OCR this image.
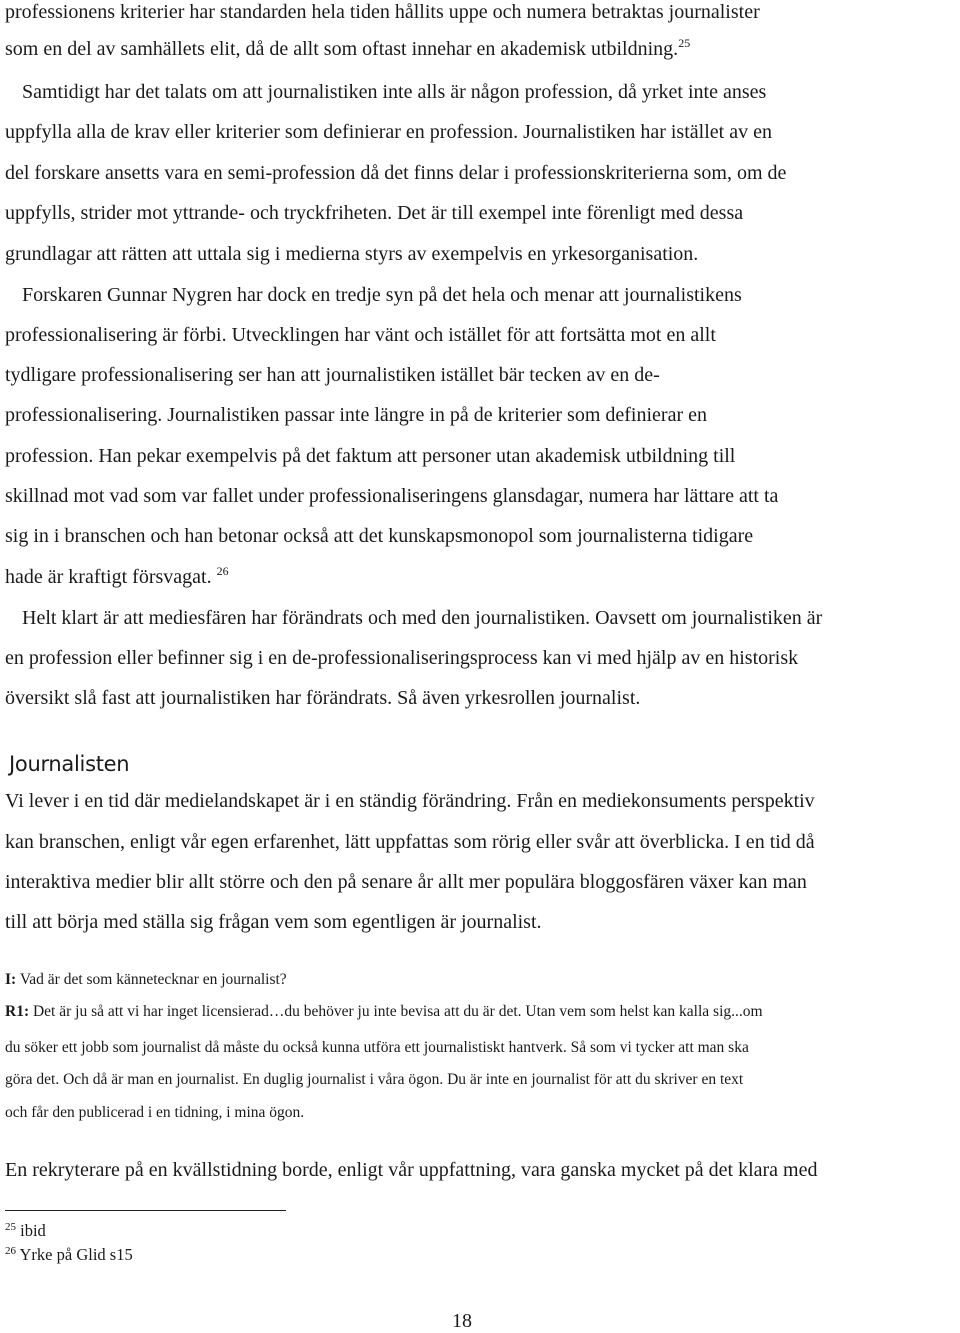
professionens kriterier har standarden hela tiden hållits uppe och numera betraktas journalister
som en del av samhällets elit, då de allt som oftast innehar en akademisk utbildning.$^{25}$
Samtidigt har det talats om att journalistiken inte alls är någon profession, då yrket inte anses
uppfylla alla de krav eller kriterier som definierar en profession. Journalistiken har istället av en
del forskare ansetts vara en semi-profession då det finns delar i professionskriterierna som, om de
uppfylls, strider mot yttrande- och tryckfriheten. Det är till exempel inte förenligt med dessa
grundlagar att rätten att uttala sig i medierna styrs av exempelvis en yrkesorganisation.
Forskaren Gunnar Nygren har dock en tredje syn på det hela och menar att journalistikens
professionalisering är förbi. Utvecklingen har vänt och istället för att fortsätta mot en allt
tydligare professionalisering ser han att journalistiken istället bär tecken av en de-
professionalisering. Journalistiken passar inte längre in på de kriterier som definierar en
profession. Han pekar exempelvis på det faktum att personer utan akademisk utbildning till
skillnad mot vad som var fallet under professionaliseringens glansdagar, numera har lättare att ta
sig in i branschen och han betonar också att det kunskapsmonopol som journalisterna tidigare
hade är kraftigt försvagat. $^{26}$
Helt klart är att mediesfären har förändrats och med den journalistiken. Oavsett om journalistiken är
en profession eller befinner sig i en de-professionaliseringsprocess kan vi med hjälp av en historisk
översikt slå fast att journalistiken har förändrats. Så även yrkesrollen journalist.
Journalisten
Vi lever i en tid där medielandskapet är i en ständig förändring. Från en mediekonsuments perspektiv
kan branschen, enligt vår egen erfarenhet, lätt uppfattas som rörig eller svår att överblicka. I en tid då
interaktiva medier blir allt större och den på senare år allt mer populära bloggosfären växer kan man
till att börja med ställa sig frågan vem som egentligen är journalist.
I: Vad är det som kännetecknar en journalist?
R1: Det är ju så att vi har inget licensierad…du behöver ju inte bevisa att du är det. Utan vem som helst kan kalla sig...om
du söker ett jobb som journalist då måste du också kunna utföra ett journalistiskt hantverk. Så som vi tycker att man ska
göra det. Och då är man en journalist. En duglig journalist i våra ögon. Du är inte en journalist för att du skriver en text
och får den publicerad i en tidning, i mina ögon.
En rekryterare på en kvällstidning borde, enligt vår uppfattning, vara ganska mycket på det klara med
$^{25}$ ibid
$^{26}$ Yrke på Glid s15
18
